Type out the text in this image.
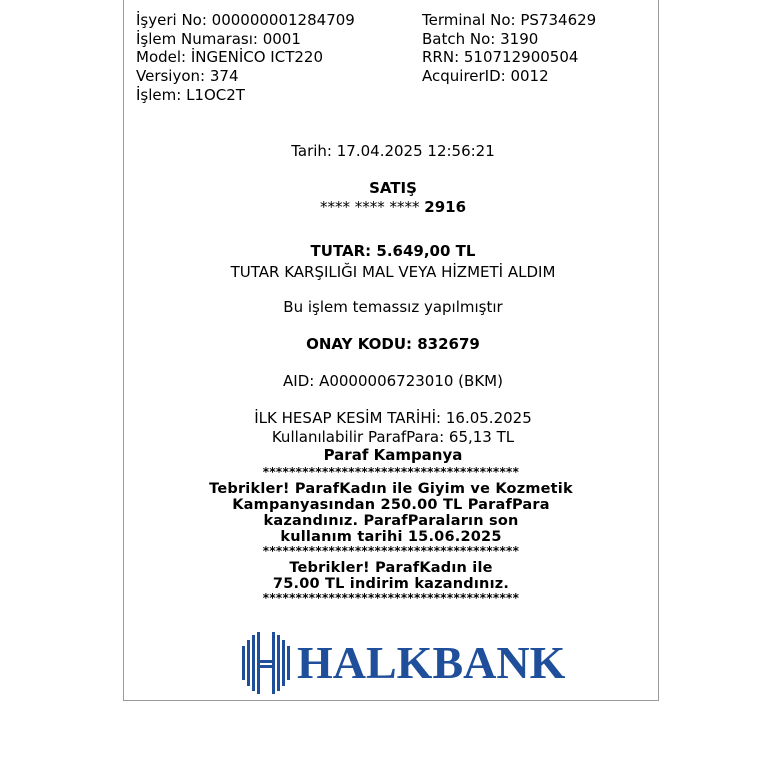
İşyeri No: 000000001284709
İşlem Numarası: 0001
Model: İNGENİCO ICT220
Versiyon: 374
İşlem: L1OC2T
Terminal No: PS734629
Batch No: 3190
RRN: 510712900504
AcquirerID: 0012
Tarih: 17.04.2025 12:56:21
SATIŞ
**** **** **** 2916
TUTAR: 5.649,00 TL
TUTAR KARŞILIĞI MAL VEYA HİZMETİ ALDIM
Bu işlem temassız yapılmıştır
ONAY KODU: 832679
AID: A0000006723010 (BKM)
İLK HESAP KESİM TARİHİ: 16.05.2025
Kullanılabilir ParafPara: 65,13 TL
Paraf Kampanya
***************************************
Tebrikler! ParafKadın ile Giyim ve Kozmetik
Kampanyasından 250.00 TL ParafPara
kazandınız. ParafParaların son
kullanım tarihi 15.06.2025
***************************************
Tebrikler! ParafKadın ile
75.00 TL indirim kazandınız.
***************************************
HALKBANK
